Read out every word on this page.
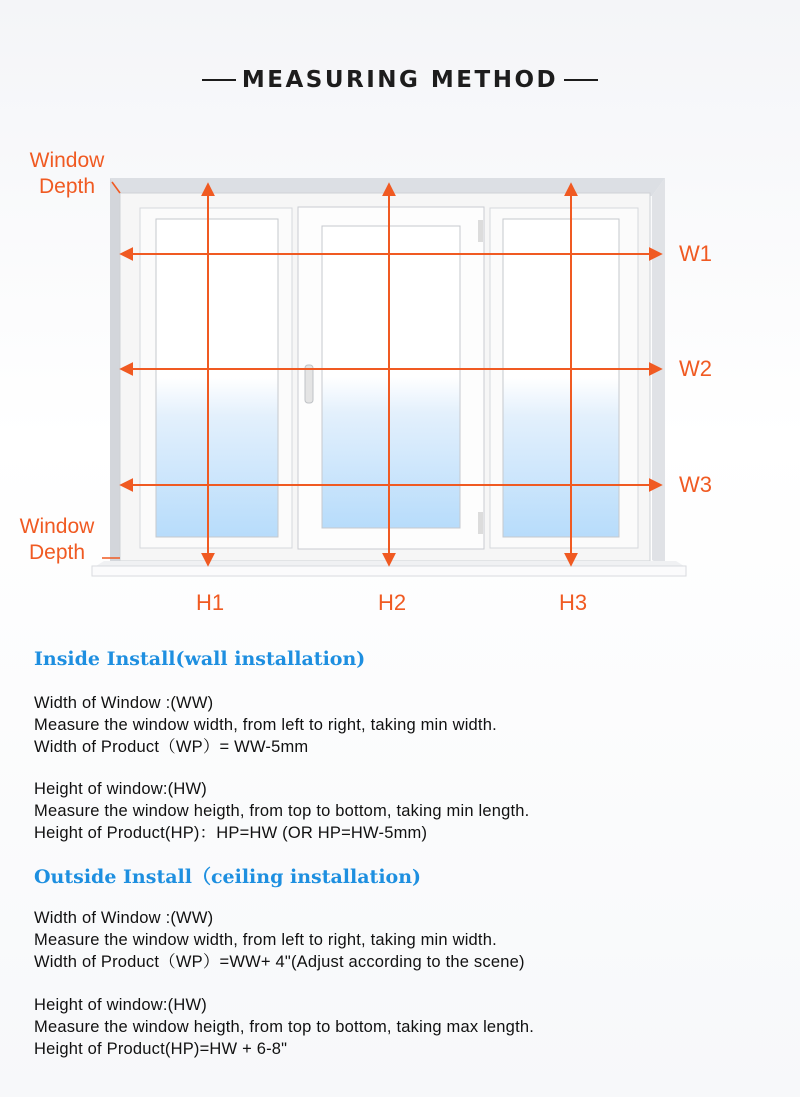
MEASURING METHOD
Window
Depth
Window
Depth
W1
W2
W3
H1	H2	H3

Inside Install(wall installation)

Width of Window :(WW)

Measure the window width, from left to right, taking min width.

Width of Product（WP）= WW-5mm

Height of window:(HW)

Measure the window heigth, from top to bottom, taking min length.

Height of Product(HP)：HP=HW (OR HP=HW-5mm)

Outside Install（ceiling installation)

Width of Window :(WW)

Measure the window width, from left to right, taking min width.

Width of Product（WP）=WW+ 4"(Adjust according to the scene)

Height of window:(HW)

Measure the window heigth, from top to bottom, taking max length.

Height of Product(HP)=HW + 6-8"
